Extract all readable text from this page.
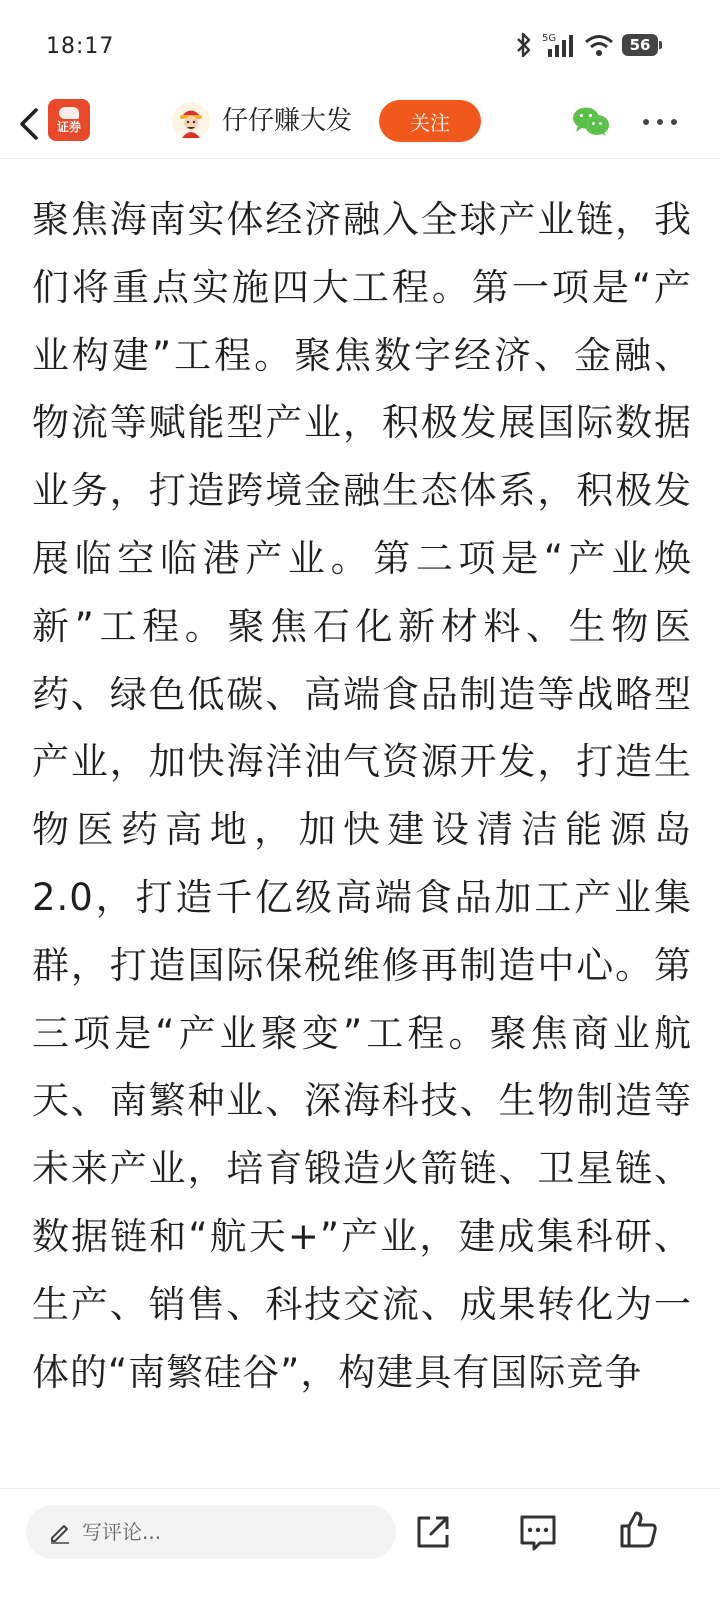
18:17	5G	56
证券	仔仔赚大发	关注

聚焦海南实体经济融入全球产业链，我们将重点实施四大工程。第一项是“产业构建”工程。聚焦数字经济、金融、物流等赋能型产业，积极发展国际数据业务，打造跨境金融生态体系，积极发展临空临港产业。第二项是“产业焕新”工程。聚焦石化新材料、生物医药、绿色低碳、高端食品制造等战略型产业，加快海洋油气资源开发，打造生物医药高地，加快建设清洁能源岛2.0，打造千亿级高端食品加工产业集群，打造国际保税维修再制造中心。第三项是“产业聚变”工程。聚焦商业航天、南繁种业、深海科技、生物制造等未来产业，培育锻造火箭链、卫星链、数据链和“航天+”产业，建成集科研、生产、销售、科技交流、成果转化为一体的“南繁硅谷”，构建具有国际竞争

写评论...
